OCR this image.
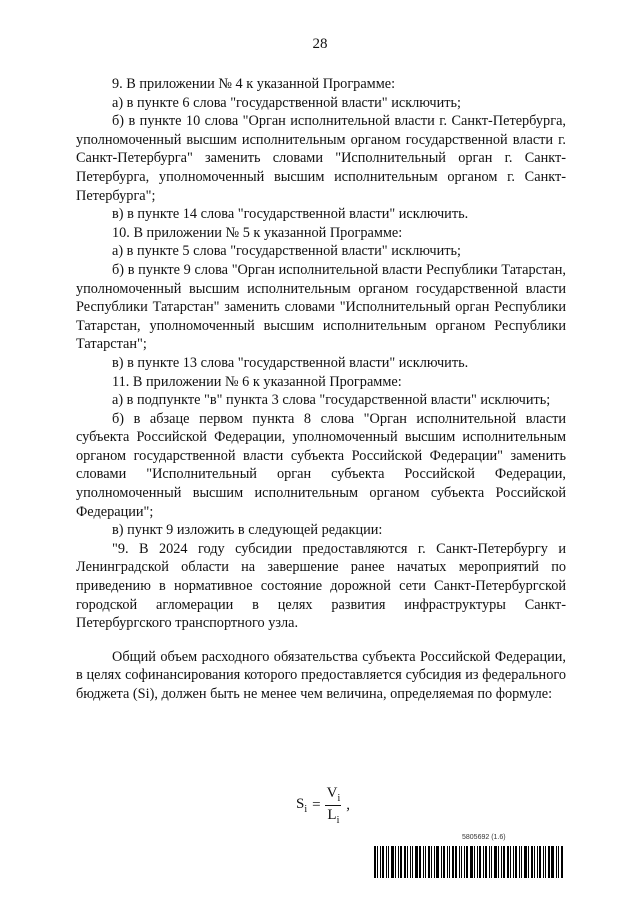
28

9. В приложении № 4 к указанной Программе:

а) в пункте 6 слова "государственной власти" исключить;

б) в пункте 10 слова "Орган исполнительной власти г. Санкт-Петербурга, уполномоченный высшим исполнительным органом государственной власти г. Санкт-Петербурга" заменить словами "Исполнительный орган г. Санкт-Петербурга, уполномоченный высшим исполнительным органом г. Санкт-Петербурга";

в) в пункте 14 слова "государственной власти" исключить.

10. В приложении № 5 к указанной Программе:

а) в пункте 5 слова "государственной власти" исключить;

б) в пункте 9 слова "Орган исполнительной власти Республики Татарстан, уполномоченный высшим исполнительным органом государственной власти Республики Татарстан" заменить словами "Исполнительный орган Республики Татарстан, уполномоченный высшим исполнительным органом Республики Татарстан";

в) в пункте 13 слова "государственной власти" исключить.

11. В приложении № 6 к указанной Программе:

а) в подпункте "в" пункта 3 слова "государственной власти" исключить;

б) в абзаце первом пункта 8 слова "Орган исполнительной власти субъекта Российской Федерации, уполномоченный высшим исполнительным органом государственной власти субъекта Российской Федерации" заменить словами "Исполнительный орган субъекта Российской Федерации, уполномоченный высшим исполнительным органом субъекта Российской Федерации";

в) пункт 9 изложить в следующей редакции:

"9. В 2024 году субсидии предоставляются г. Санкт-Петербургу и Ленинградской области на завершение ранее начатых мероприятий по приведению в нормативное состояние дорожной сети Санкт-Петербургской городской агломерации в целях развития инфраструктуры Санкт-Петербургского транспортного узла.

Общий объем расходного обязательства субъекта Российской Федерации, в целях софинансирования которого предоставляется субсидия из федерального бюджета (Sі), должен быть не менее чем величина, определяемая по формуле:

$S_i = \frac{V_i}{L_i}$ ,
5805692 (1.6)
